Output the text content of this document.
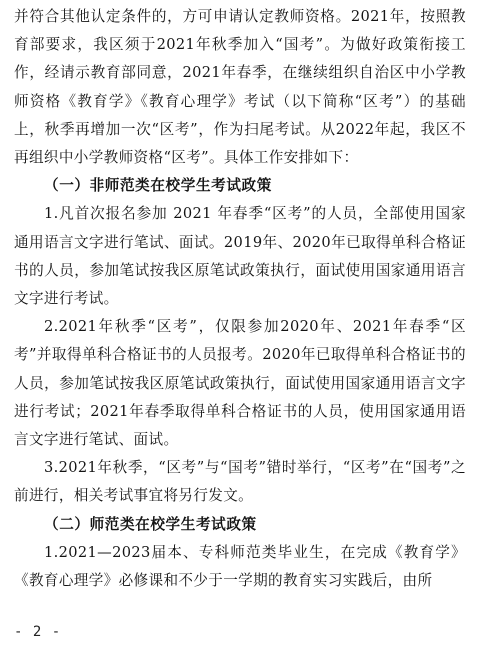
并符合其他认定条件的，方可申请认定教师资格。2021年，按照教育部要求，我区须于2021年秋季加入“国考”。为做好政策衔接工作，经请示教育部同意，2021年春季，在继续组织自治区中小学教师资格《教育学》《教育心理学》考试（以下简称“区考”）的基础上，秋季再增加一次“区考”，作为扫尾考试。从2022年起，我区不再组织中小学教师资格“区考”。具体工作安排如下：

（一）非师范类在校学生考试政策

1.凡首次报名参加 2021 年春季“区考”的人员，全部使用国家通用语言文字进行笔试、面试。2019年、2020年已取得单科合格证书的人员，参加笔试按我区原笔试政策执行，面试使用国家通用语言文字进行考试。

2.2021年秋季“区考”，仅限参加2020年、2021年春季“区考”并取得单科合格证书的人员报考。2020年已取得单科合格证书的人员，参加笔试按我区原笔试政策执行，面试使用国家通用语言文字进行考试；2021年春季取得单科合格证书的人员，使用国家通用语言文字进行笔试、面试。

3.2021年秋季，“区考”与“国考”错时举行，“区考”在“国考”之前进行，相关考试事宜将另行发文。

（二）师范类在校学生考试政策

1.2021—2023届本、专科师范类毕业生，在完成《教育学》《教育心理学》必修课和不少于一学期的教育实习实践后，由所

- 2 -
